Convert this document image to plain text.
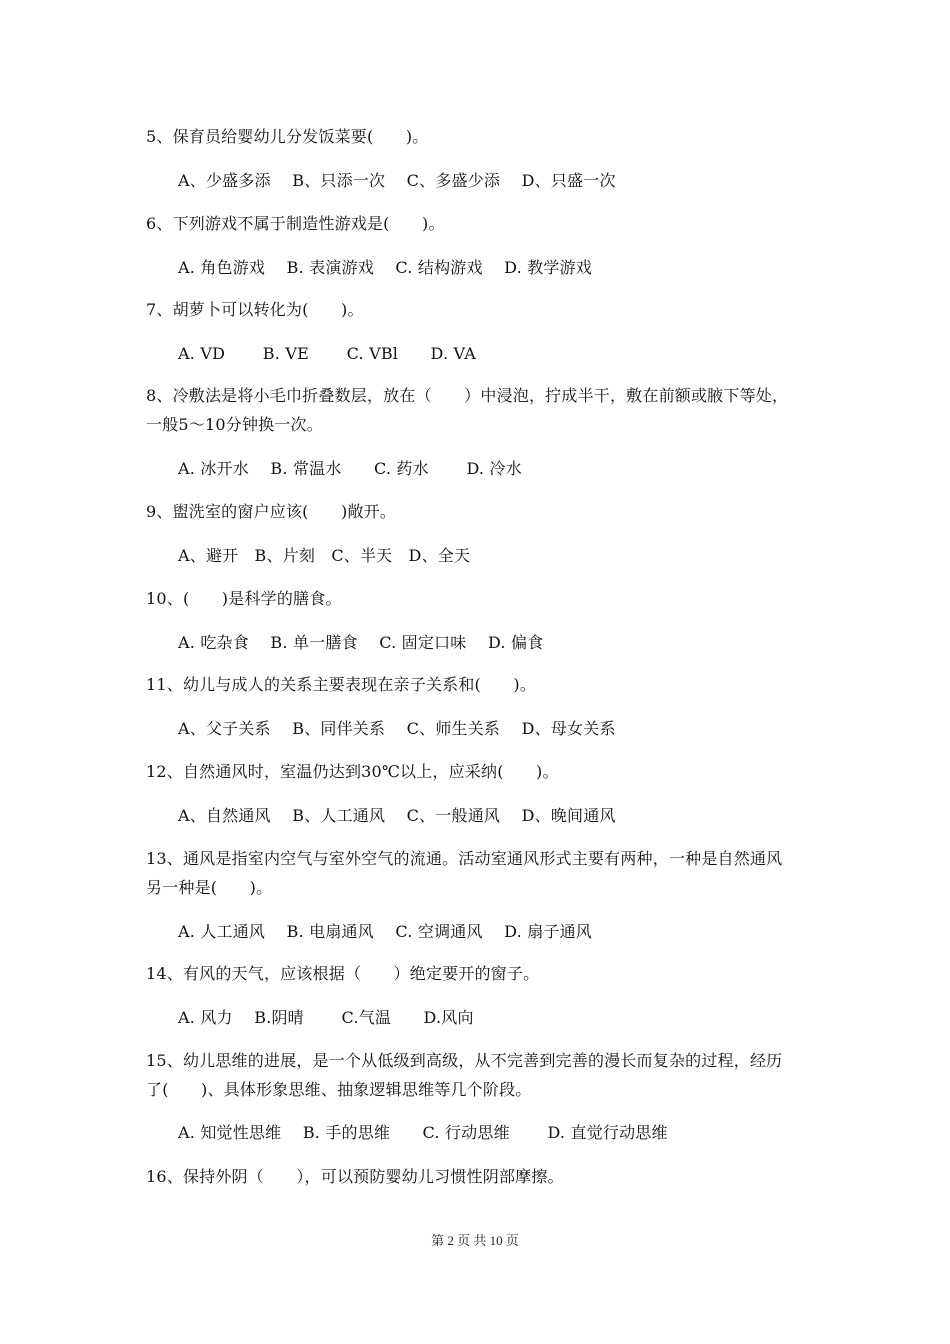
5、保育员给婴幼儿分发饭菜要(　　)。
A、少盛多添　 B、只添一次　 C、多盛少添　 D、只盛一次
6、下列游戏不属于制造性游戏是(　　)。
A. 角色游戏　 B. 表演游戏　 C. 结构游戏　 D. 教学游戏
7、胡萝卜可以转化为(　　)。
A. VD　　 B. VE　　 C. VBl　　D. VA
8、冷敷法是将小毛巾折叠数层，放在（　　）中浸泡，拧成半干，敷在前额或腋下等处，
一般5～10分钟换一次。
A. 冰开水　 B. 常温水　　C. 药水　　 D. 冷水
9、盥洗室的窗户应该(　　)敞开。
A、避开　B、片刻　C、半天　D、全天
10、(　　)是科学的膳食。
A. 吃杂食　 B. 单一膳食　 C. 固定口味　 D. 偏食
11、幼儿与成人的关系主要表现在亲子关系和(　　)。
A、父子关系　 B、同伴关系　 C、师生关系　 D、母女关系
12、自然通风时，室温仍达到30℃以上，应采纳(　　)。
A、自然通风　 B、人工通风　 C、一般通风　 D、晚间通风
13、通风是指室内空气与室外空气的流通。活动室通风形式主要有两种，一种是自然通风
另一种是(　　)。
A. 人工通风　 B. 电扇通风　 C. 空调通风　 D. 扇子通风
14、有风的天气，应该根据（　　）绝定要开的窗子。
A. 风力　 B.阴晴　　 C.气温　　D.风向
15、幼儿思维的进展，是一个从低级到高级，从不完善到完善的漫长而复杂的过程，经历
了(　　)、具体形象思维、抽象逻辑思维等几个阶段。
A. 知觉性思维　 B. 手的思维　　C. 行动思维　　 D. 直觉行动思维
16、保持外阴（　　），可以预防婴幼儿习惯性阴部摩擦。
第 2 页 共 10 页
